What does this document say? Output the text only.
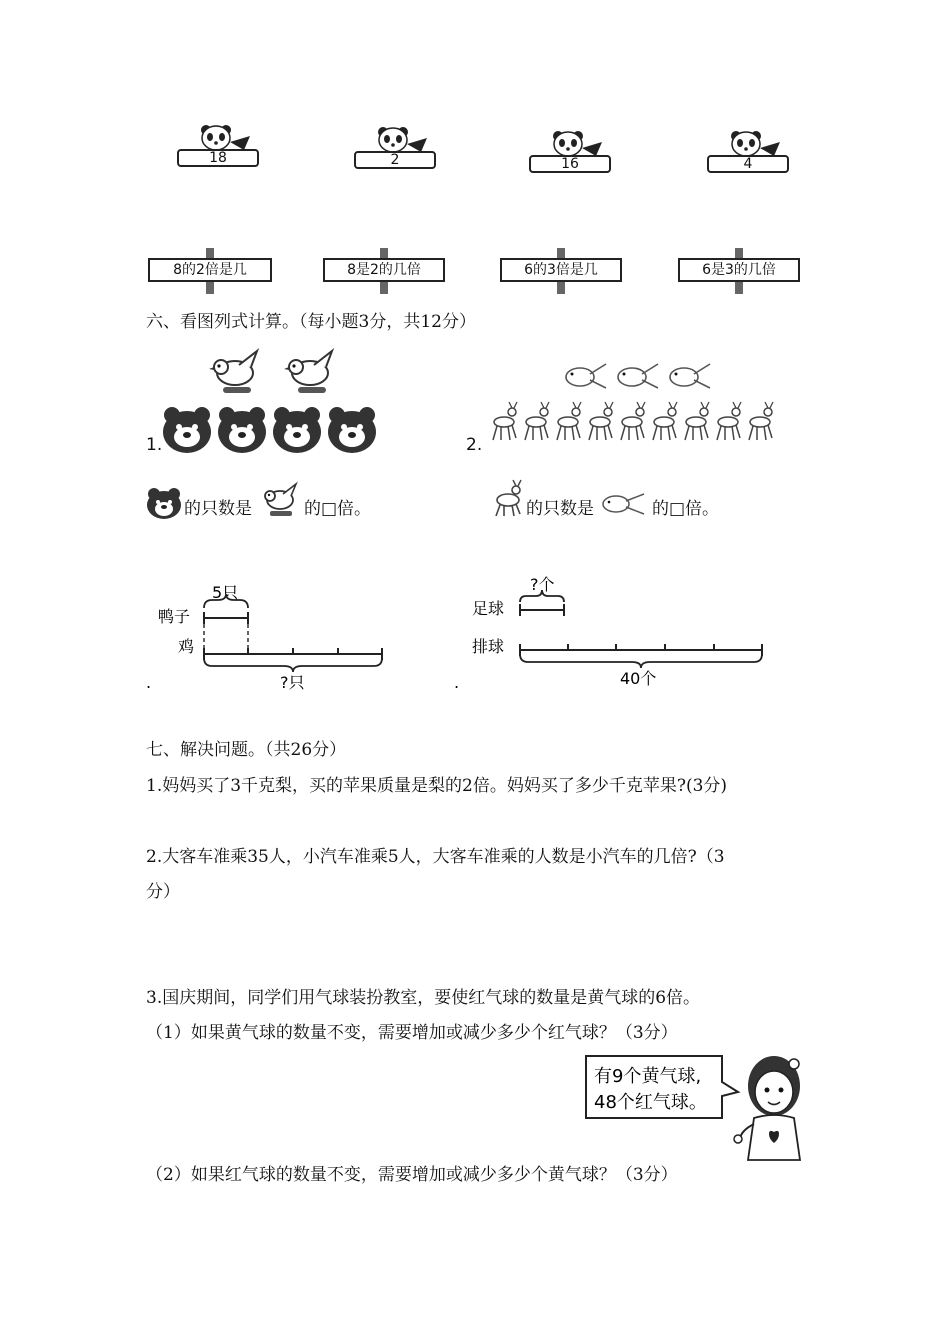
18	2	16	4
8的2倍是几	8是2的几倍	6的3倍是几	6是3的几倍
六、看图列式计算。（每小题3分，共12分）
1.	2.
的只数是	的□倍。	的只数是	的□倍。
5只
鸭子
鸡
?只
.
?个
足球
排球
40个
.
七、解决问题。（共26分）
1.妈妈买了3千克梨，买的苹果质量是梨的2倍。妈妈买了多少千克苹果?(3分)
2.大客车准乘35人，小汽车准乘5人，大客车准乘的人数是小汽车的几倍?（3
分）
3.国庆期间，同学们用气球装扮教室，要使红气球的数量是黄气球的6倍。
（1）如果黄气球的数量不变，需要增加或减少多少个红气球？（3分）
有9个黄气球,
48个红气球。
（2）如果红气球的数量不变，需要增加或减少多少个黄气球？（3分）
